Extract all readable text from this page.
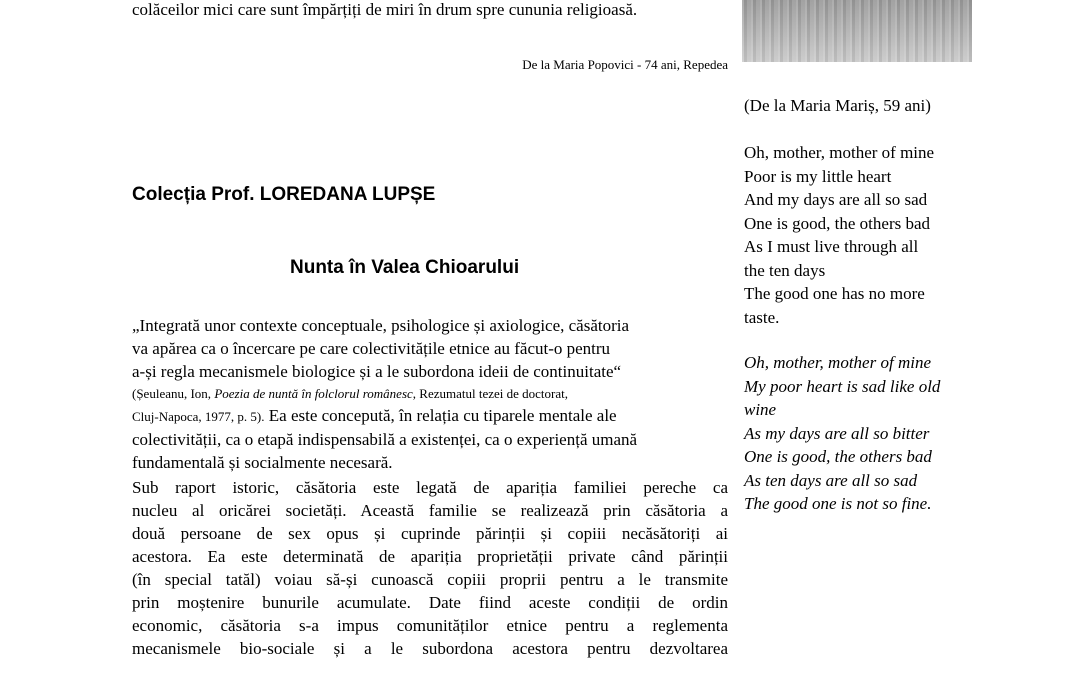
colăceilor mici care sunt împărțiți de miri în drum spre cununia religioasă.
De la Maria Popovici - 74 ani, Repedea
(De la Maria Mariș, 59 ani)
Oh, mother, mother of mine
Poor is my little heart
And my days are all so sad
One is good, the others bad
As I must live through all
the ten days
The good one has no more
taste.
Oh, mother, mother of mine
My poor heart is sad like old
wine
As my days are all so bitter
One is good, the others bad
As ten days are all so sad
The good one is not so fine.
Colecția Prof. LOREDANA LUPȘE
Nunta în Valea Chioarului
„Integrată unor contexte conceptuale, psihologice și axiologice, căsătoria
va apărea ca o încercare pe care colectivitățile etnice au făcut-o pentru
a-și regla mecanismele biologice și a le subordona ideii de continuitate“
(Șeuleanu, Ion, Poezia de nuntă în folclorul românesc, Rezumatul tezei de doctorat,
Cluj-Napoca, 1977, p. 5). Ea este concepută, în relația cu tiparele mentale ale
colectivității, ca o etapă indispensabilă a existenței, ca o experiență umană
fundamentală și socialmente necesară.
Sub raport istoric, căsătoria este legată de apariția familiei pereche ca
nucleu al oricărei societăți. Această familie se realizează prin căsătoria a
două persoane de sex opus și cuprinde părinții și copiii necăsătoriți ai
acestora. Ea este determinată de apariția proprietății private când părinții
(în special tatăl) voiau să-și cunoască copiii proprii pentru a le transmite
prin moștenire bunurile acumulate. Date fiind aceste condiții de ordin
economic, căsătoria s-a impus comunităților etnice pentru a reglementa
mecanismele bio-sociale și a le subordona acestora pentru dezvoltarea
